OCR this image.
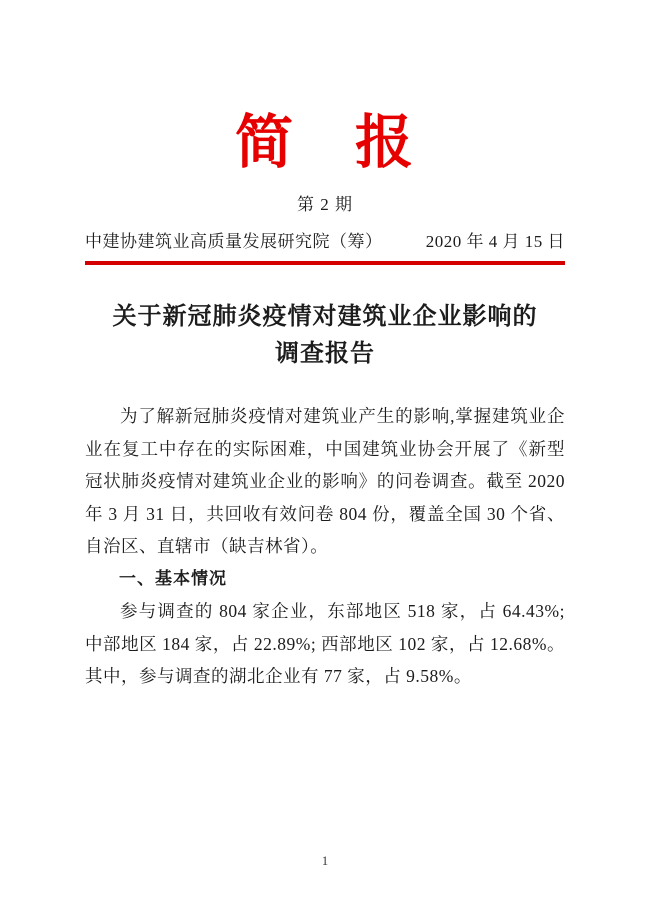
简　报
第 2 期
中建协建筑业高质量发展研究院（筹）	2020 年 4 月 15 日
关于新冠肺炎疫情对建筑业企业影响的
调查报告

为了解新冠肺炎疫情对建筑业产生的影响,掌握建筑业企业在复工中存在的实际困难，中国建筑业协会开展了《新型冠状肺炎疫情对建筑业企业的影响》的问卷调查。截至 2020 年 3 月 31 日，共回收有效问卷 804 份，覆盖全国 30 个省、自治区、直辖市（缺吉林省）。

一、基本情况

参与调查的 804 家企业，东部地区 518 家，占 64.43%; 中部地区 184 家，占 22.89%; 西部地区 102 家，占 12.68%。 其中，参与调查的湖北企业有 77 家，占 9.58%。

1
